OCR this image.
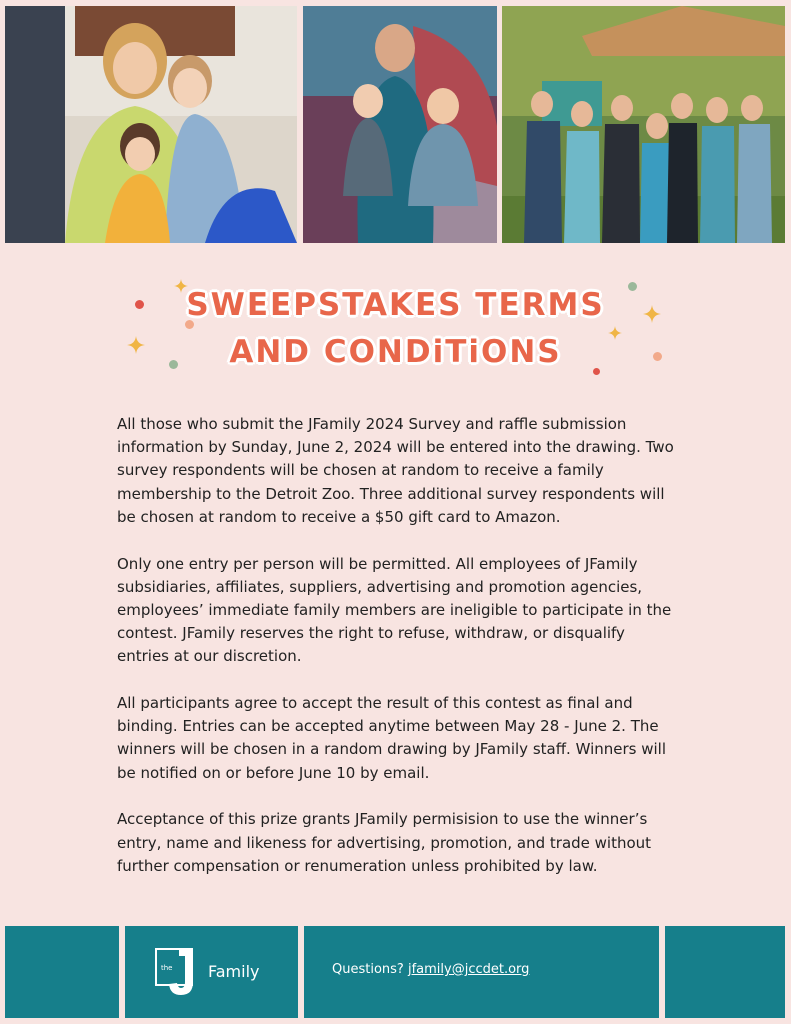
SWEEPSTAKES TERMS
AND CONDiTiONS

All those who submit the JFamily 2024 Survey and raffle submission information by Sunday, June 2, 2024 will be entered into the drawing. Two survey respondents will be chosen at random to receive a family membership to the Detroit Zoo. Three additional survey respondents will be chosen at random to receive a $50 gift card to Amazon.

Only one entry per person will be permitted. All employees of JFamily subsidiaries, affiliates, suppliers, advertising and promotion agencies, employees’ immediate family members are ineligible to participate in the contest. JFamily reserves the right to refuse, withdraw, or disqualify entries at our discretion.

All participants agree to accept the result of this contest as final and binding. Entries can be accepted anytime between May 28 - June 2. The winners will be chosen in a random drawing by JFamily staff. Winners will be notified on or before June 10 by email.

Acceptance of this prize grants JFamily permisision to use the winner’s entry, name and likeness for advertising, promotion, and trade without further compensation or renumeration unless prohibited by law.

the Family	Questions? jfamily@jccdet.org
